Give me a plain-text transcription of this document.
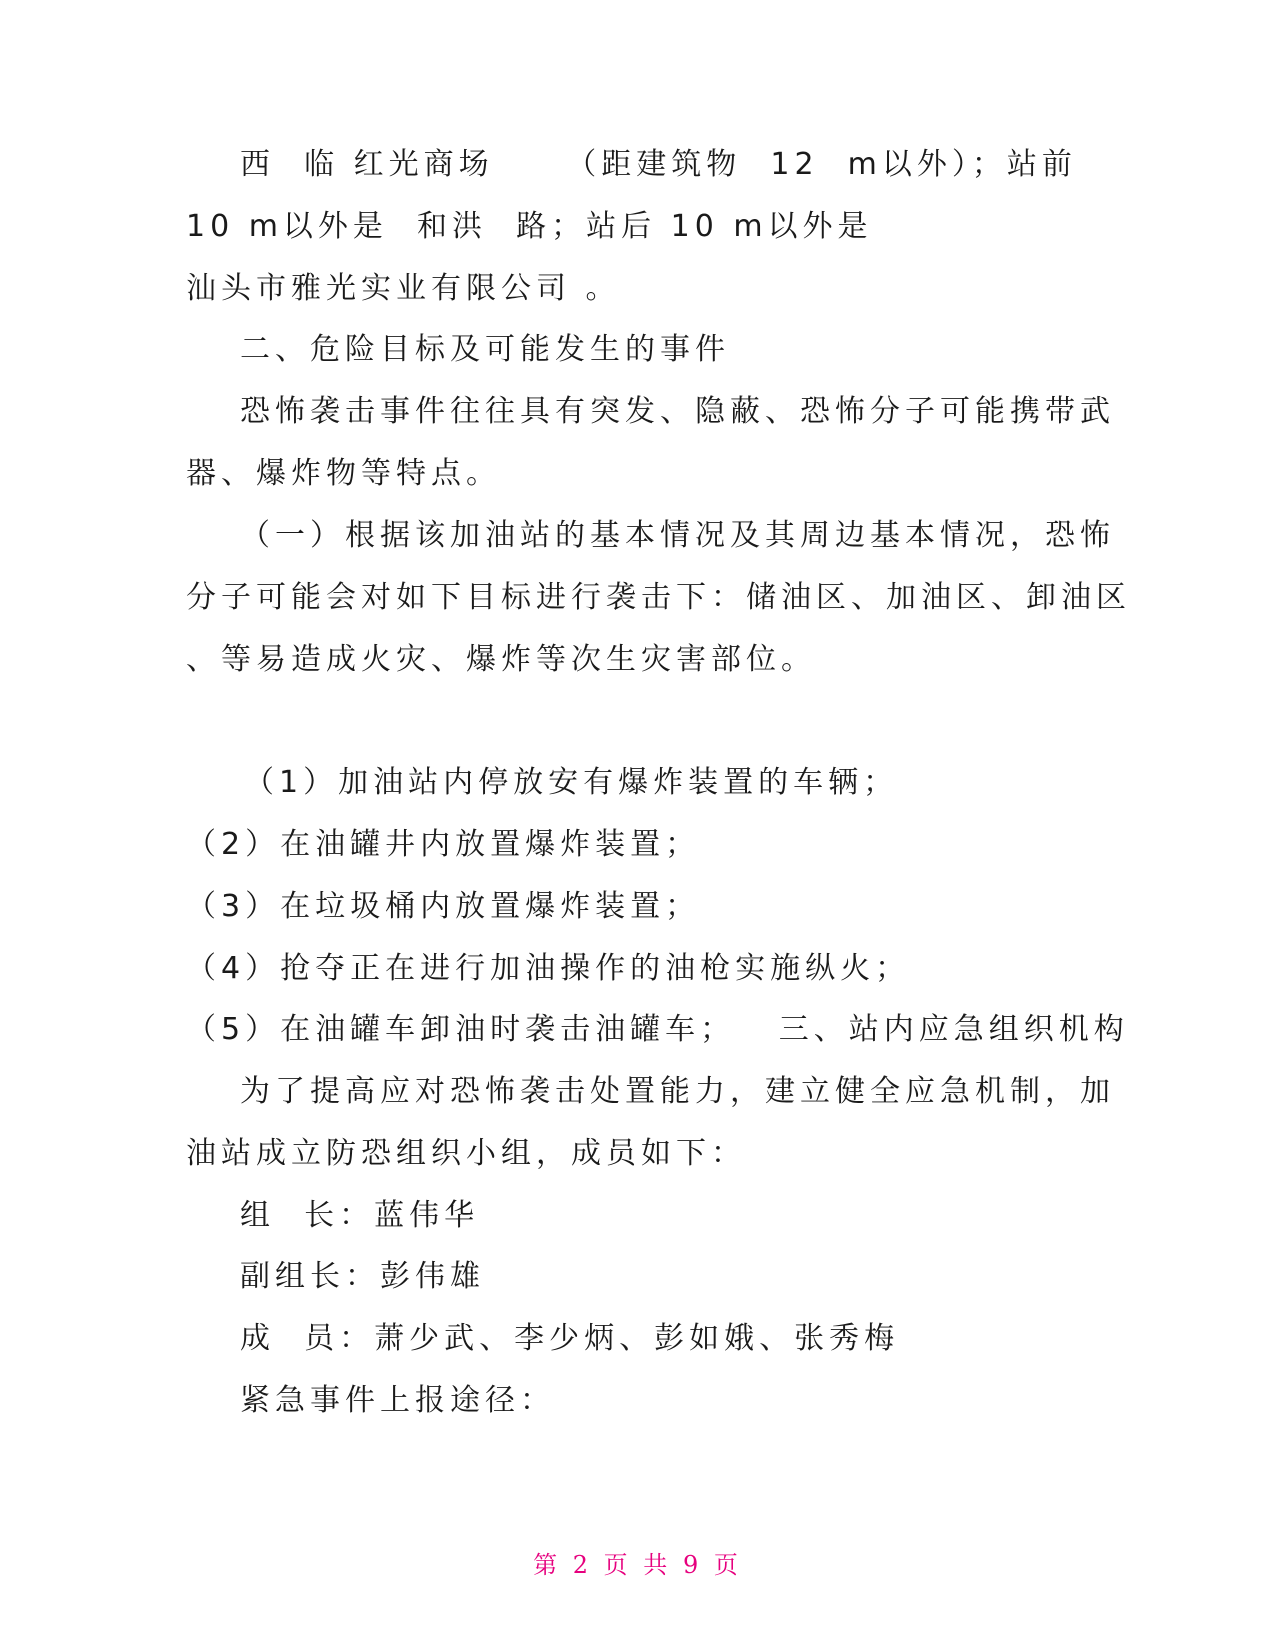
西  临 红光商场     （距建筑物  12  m以外）；站前
10 m以外是  和洪  路；站后 10 m以外是
汕头市雅光实业有限公司 。
二、危险目标及可能发生的事件
恐怖袭击事件往往具有突发、隐蔽、恐怖分子可能携带武
器、爆炸物等特点。
（一）根据该加油站的基本情况及其周边基本情况，恐怖
分子可能会对如下目标进行袭击下：储油区、加油区、卸油区
、等易造成火灾、爆炸等次生灾害部位。
（1）加油站内停放安有爆炸装置的车辆；
（2）在油罐井内放置爆炸装置；
（3）在垃圾桶内放置爆炸装置；
（4）抢夺正在进行加油操作的油枪实施纵火；
（5）在油罐车卸油时袭击油罐车；   三、站内应急组织机构
为了提高应对恐怖袭击处置能力，建立健全应急机制，加
油站成立防恐组织小组，成员如下：
组  长：蓝伟华
副组长：彭伟雄
成  员：萧少武、李少炳、彭如娥、张秀梅
紧急事件上报途径：
第 2 页 共 9 页
